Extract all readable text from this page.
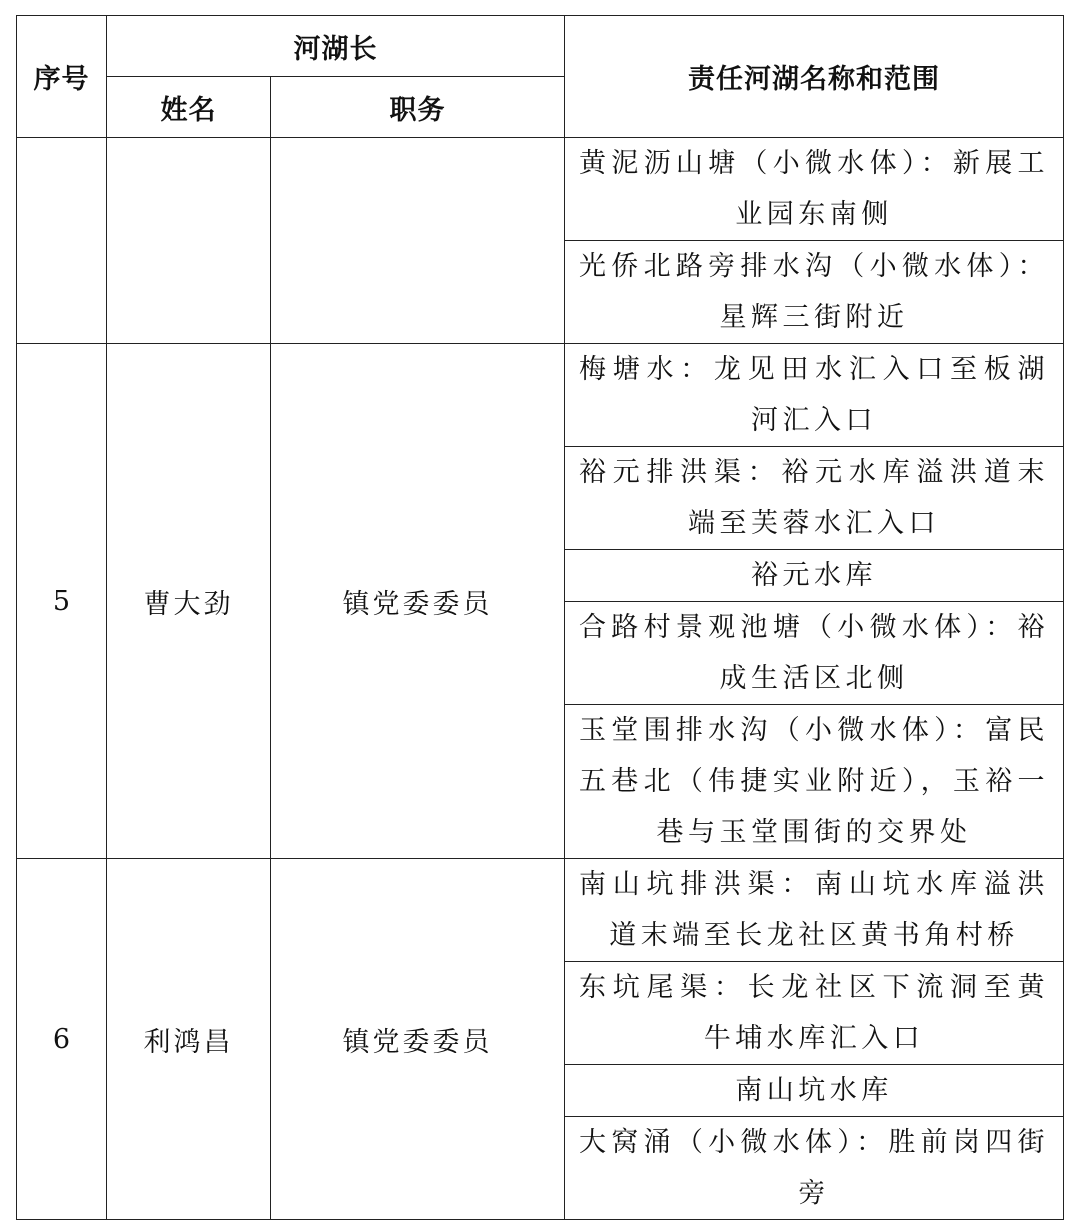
序号	河湖长		责任河湖名称和范围
	姓名	职务	
			黄泥沥山塘（小微水体）：新展工业园东南侧
			光侨北路旁排水沟（小微水体）：星辉三街附近
5	曹大劲	镇党委委员	梅塘水：龙见田水汇入口至板湖河汇入口
			裕元排洪渠：裕元水库溢洪道末端至芙蓉水汇入口
			裕元水库
			合路村景观池塘（小微水体）：裕成生活区北侧
			玉堂围排水沟（小微水体）：富民五巷北（伟捷实业附近），玉裕一巷与玉堂围街的交界处
6	利鸿昌	镇党委委员	南山坑排洪渠：南山坑水库溢洪道末端至长龙社区黄书角村桥
			东坑尾渠：长龙社区下流洞至黄牛埔水库汇入口
			南山坑水库
			大窝涌（小微水体）：胜前岗四街旁
